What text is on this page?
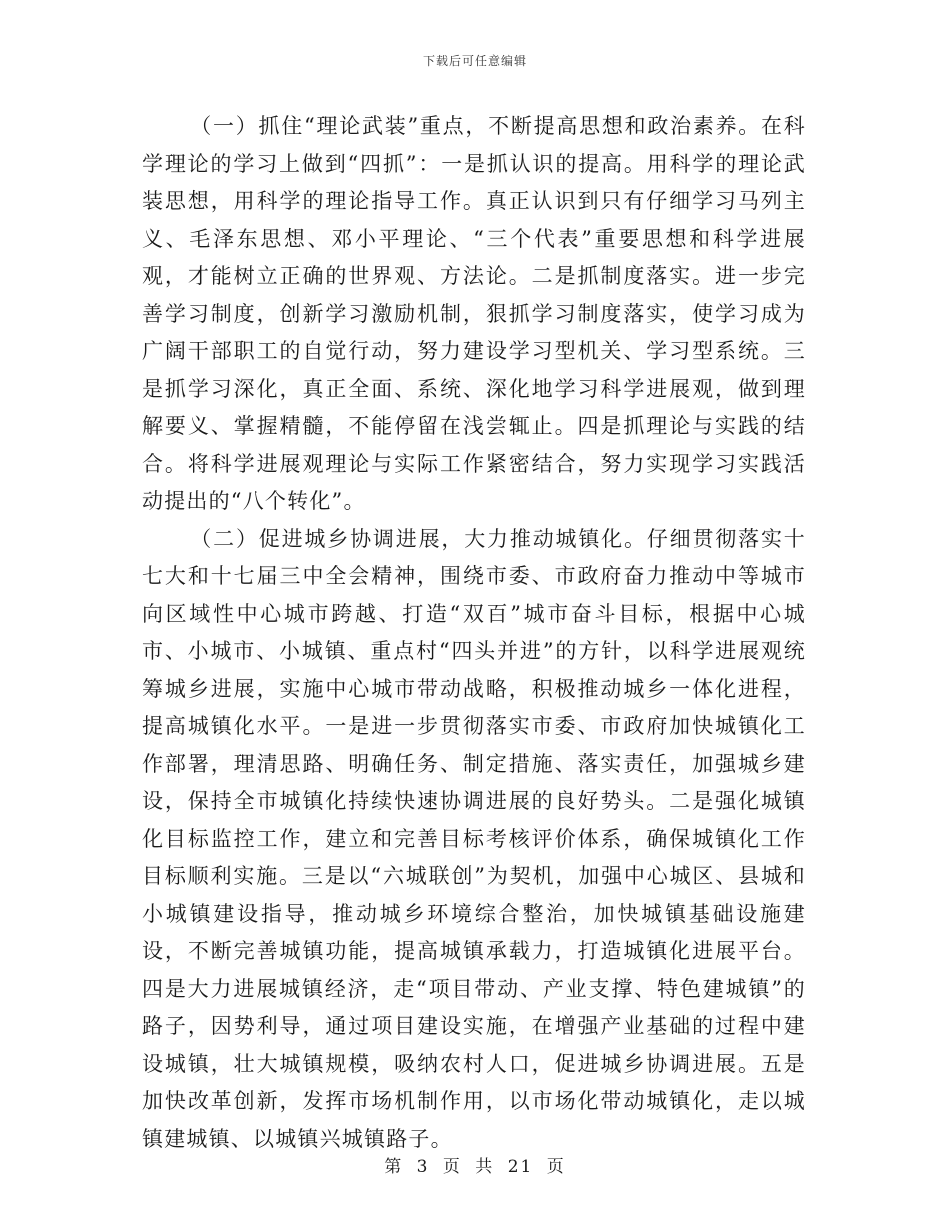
下载后可任意编辑

（一）抓住“理论武装”重点，不断提高思想和政治素养。在科学理论的学习上做到“四抓”：一是抓认识的提高。用科学的理论武装思想，用科学的理论指导工作。真正认识到只有仔细学习马列主义、毛泽东思想、邓小平理论、“三个代表”重要思想和科学进展观，才能树立正确的世界观、方法论。二是抓制度落实。进一步完善学习制度，创新学习激励机制，狠抓学习制度落实，使学习成为广阔干部职工的自觉行动，努力建设学习型机关、学习型系统。三是抓学习深化，真正全面、系统、深化地学习科学进展观，做到理解要义、掌握精髓，不能停留在浅尝辄止。四是抓理论与实践的结合。将科学进展观理论与实际工作紧密结合，努力实现学习实践活动提出的“八个转化”。

（二）促进城乡协调进展，大力推动城镇化。仔细贯彻落实十七大和十七届三中全会精神，围绕市委、市政府奋力推动中等城市向区域性中心城市跨越、打造“双百”城市奋斗目标，根据中心城市、小城市、小城镇、重点村“四头并进”的方针，以科学进展观统筹城乡进展，实施中心城市带动战略，积极推动城乡一体化进程，提高城镇化水平。一是进一步贯彻落实市委、市政府加快城镇化工作部署，理清思路、明确任务、制定措施、落实责任，加强城乡建设，保持全市城镇化持续快速协调进展的良好势头。二是强化城镇化目标监控工作，建立和完善目标考核评价体系，确保城镇化工作目标顺利实施。三是以“六城联创”为契机，加强中心城区、县城和小城镇建设指导，推动城乡环境综合整治，加快城镇基础设施建设，不断完善城镇功能，提高城镇承载力，打造城镇化进展平台。四是大力进展城镇经济，走“项目带动、产业支撑、特色建城镇”的路子，因势利导，通过项目建设实施，在增强产业基础的过程中建设城镇，壮大城镇规模，吸纳农村人口，促进城乡协调进展。五是加快改革创新，发挥市场机制作用，以市场化带动城镇化，走以城镇建城镇、以城镇兴城镇路子。

第 3 页 共 21 页
